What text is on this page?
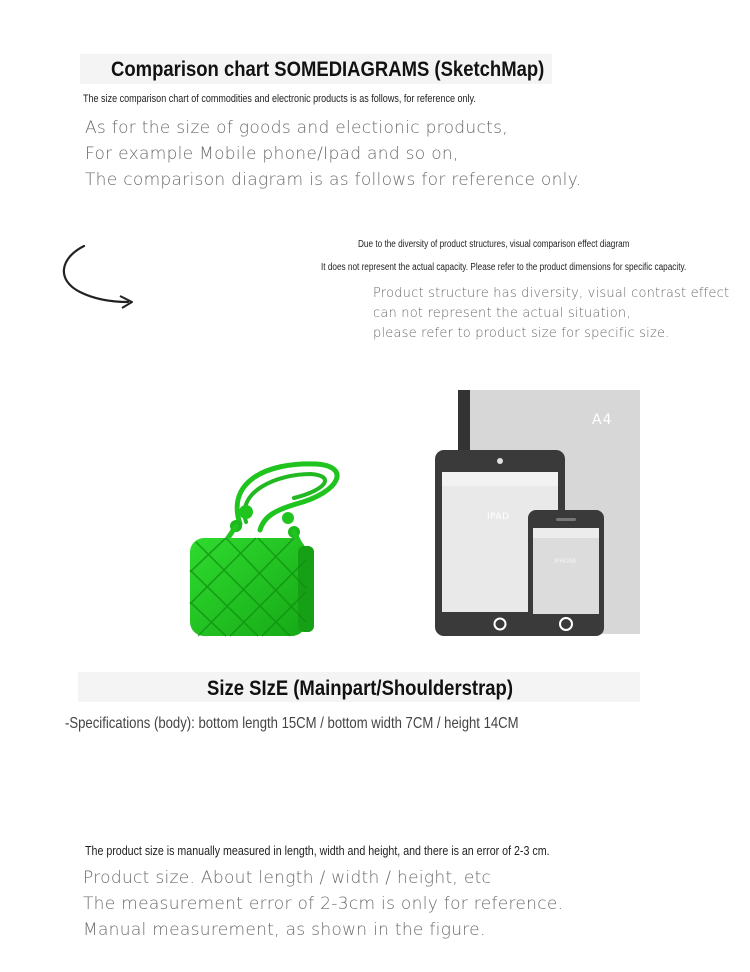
Comparison chart SOMEDIAGRAMS (SketchMap)
The size comparison chart of commodities and electronic products is as follows, for reference only.
As for the size of goods and electionic products,
For example Mobile phone/Ipad and so on,
The comparison diagram is as follows for reference only.
Due to the diversity of product structures, visual comparison effect diagram
It does not represent the actual capacity. Please refer to the product dimensions for specific capacity.
Product structure has diversity, visual contrast effect
can not represent the actual situation,
please refer to product size for specific size.
A4
IPAD
IPHONE
Size SIzE (Mainpart/Shoulderstrap)
-Specifications (body): bottom length 15CM / bottom width 7CM / height 14CM
The product size is manually measured in length, width and height, and there is an error of 2-3 cm.
Product size. About length / width / height, etc
The measurement error of 2-3cm is only for reference.
Manual measurement, as shown in the figure.
